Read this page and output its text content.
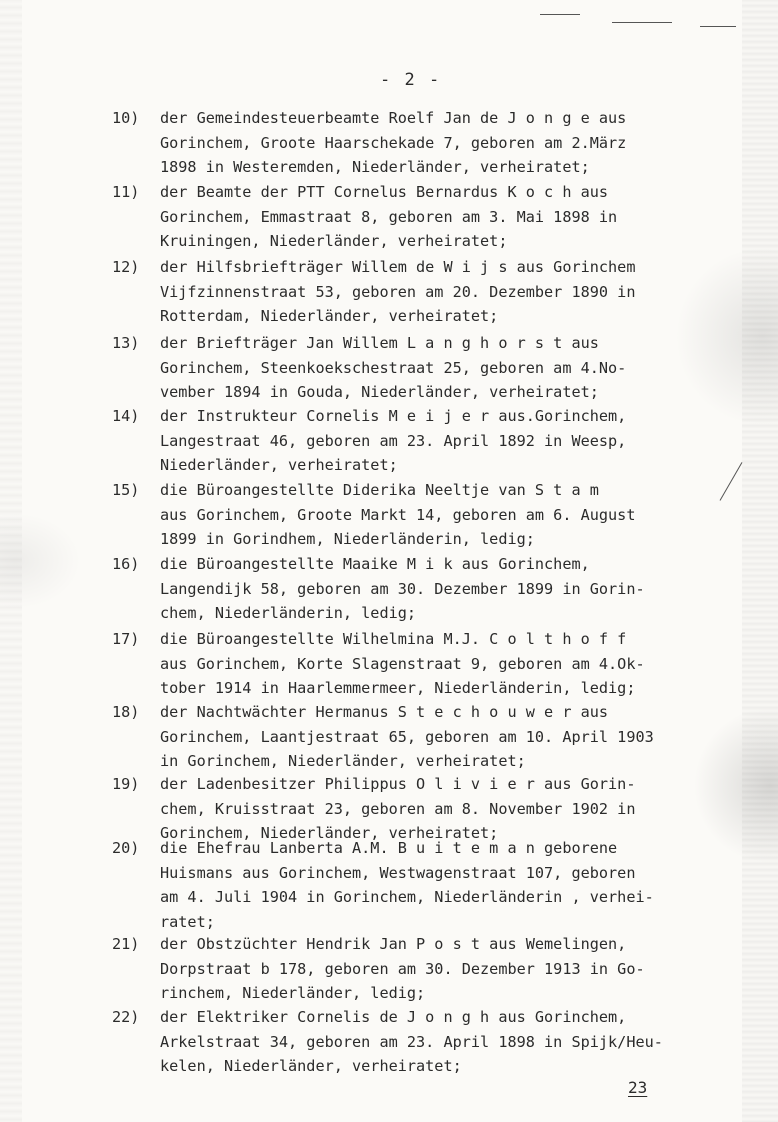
- 2 -
10) der Gemeindesteuerbeamte Roelf Jan de J o n g e aus
Gorinchem, Groote Haarschekade 7, geboren am 2.März
1898 in Westeremden, Niederländer, verheiratet;
11) der Beamte der PTT Cornelus Bernardus K o c h aus
Gorinchem, Emmastraat 8, geboren am 3. Mai 1898 in
Kruiningen, Niederländer, verheiratet;
12) der Hilfsbriefträger Willem de W i j s aus Gorinchem
Vijfzinnenstraat 53, geboren am 20. Dezember 1890 in
Rotterdam, Niederländer, verheiratet;
13) der Briefträger Jan Willem L a n g h o r s t aus
Gorinchem, Steenkoekschestraat 25, geboren am 4.No-
vember 1894 in Gouda, Niederländer, verheiratet;
14) der Instrukteur Cornelis M e i j e r aus.Gorinchem,
Langestraat 46, geboren am 23. April 1892 in Weesp,
Niederländer, verheiratet;
15) die Büroangestellte Diderika Neeltje van S t a m
aus Gorinchem, Groote Markt 14, geboren am 6. August
1899 in Gorindhem, Niederländerin, ledig;
16) die Büroangestellte Maaike M i k aus Gorinchem,
Langendijk 58, geboren am 30. Dezember 1899 in Gorin-
chem, Niederländerin, ledig;
17) die Büroangestellte Wilhelmina M.J. C o l t h o f f
aus Gorinchem, Korte Slagenstraat 9, geboren am 4.Ok-
tober 1914 in Haarlemmermeer, Niederländerin, ledig;
18) der Nachtwächter Hermanus S t e c h o u w e r aus
Gorinchem, Laantjestraat 65, geboren am 10. April 1903
in Gorinchem, Niederländer, verheiratet;
19) der Ladenbesitzer Philippus O l i v i e r aus Gorin-
chem, Kruisstraat 23, geboren am 8. November 1902 in
Gorinchem, Niederländer, verheiratet;
20) die Ehefrau Lanberta A.M. B u i t e m a n geborene
Huismans aus Gorinchem, Westwagenstraat 107, geboren
am 4. Juli 1904 in Gorinchem, Niederländerin , verhei-
ratet;
21) der Obstzüchter Hendrik Jan P o s t aus Wemelingen,
Dorpstraat b 178, geboren am 30. Dezember 1913 in Go-
rinchem, Niederländer, ledig;
22) der Elektriker Cornelis de J o n g h aus Gorinchem,
Arkelstraat 34, geboren am 23. April 1898 in Spijk/Heu-
kelen, Niederländer, verheiratet;
23
